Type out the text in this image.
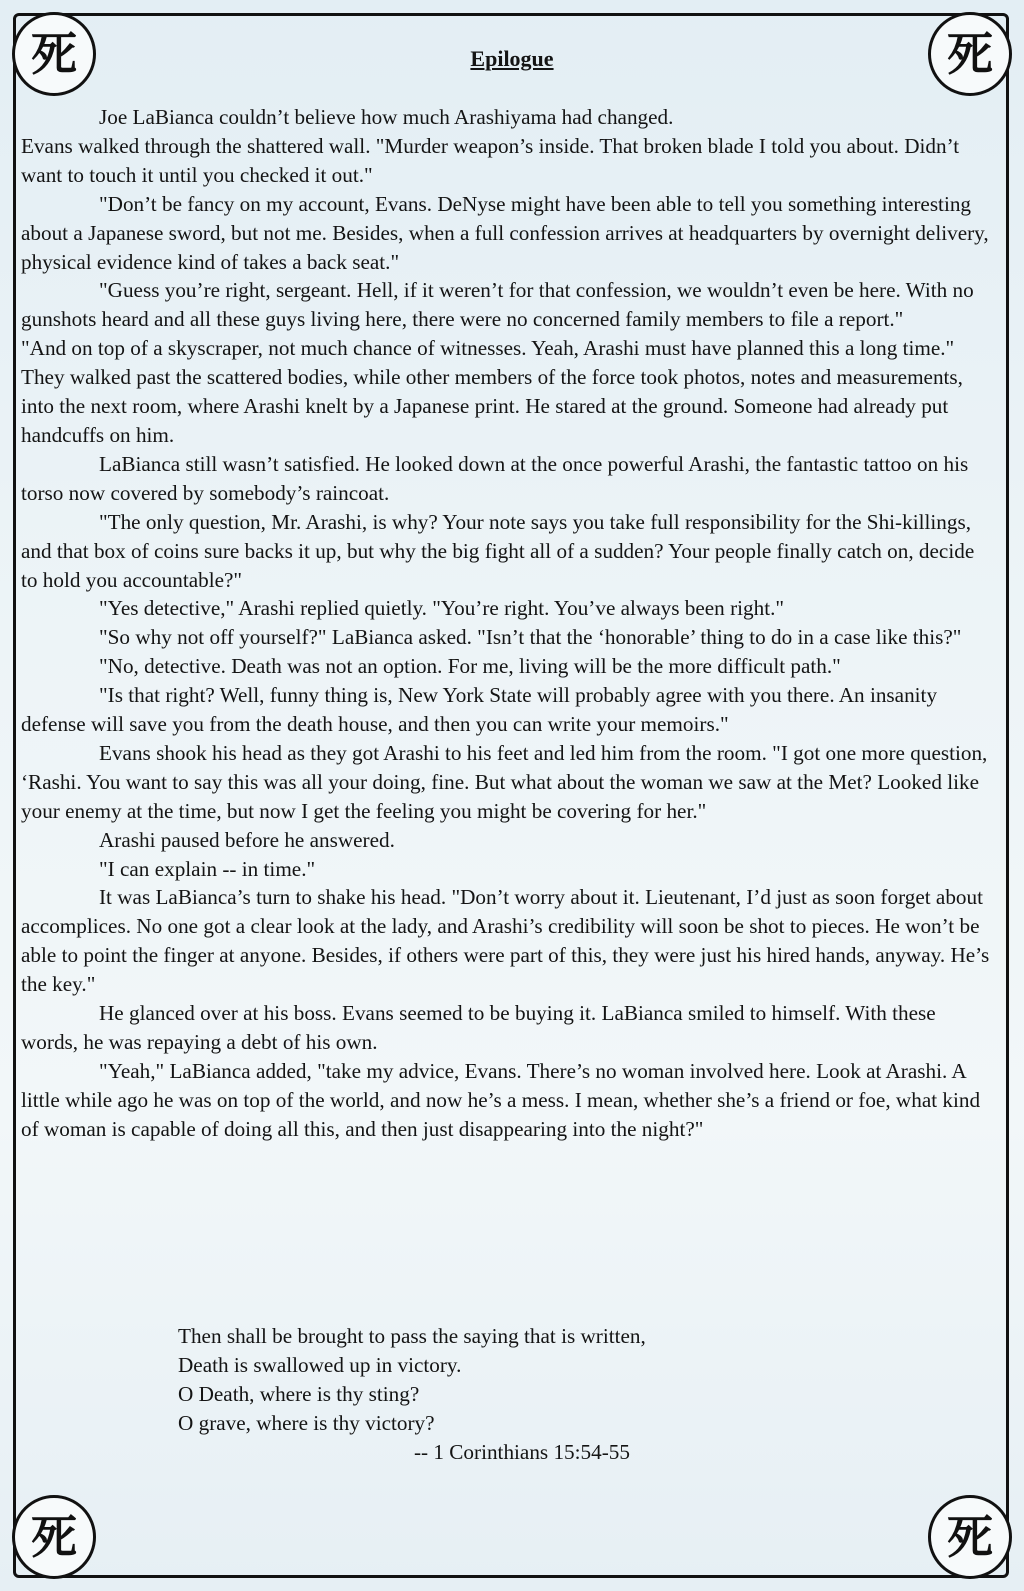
死	死
死	死
Epilogue

Joe LaBianca couldn’t believe how much Arashiyama had changed.

Evans walked through the shattered wall. "Murder weapon’s inside. That broken blade I told you about. Didn’t want to touch it until you checked it out."

"Don’t be fancy on my account, Evans. DeNyse might have been able to tell you something interesting about a Japanese sword, but not me. Besides, when a full confession arrives at headquarters by overnight delivery, physical evidence kind of takes a back seat."

"Guess you’re right, sergeant. Hell, if it weren’t for that confession, we wouldn’t even be here. With no gunshots heard and all these guys living here, there were no concerned family members to file a report."

"And on top of a skyscraper, not much chance of witnesses. Yeah, Arashi must have planned this a long time."

They walked past the scattered bodies, while other members of the force took photos, notes and measurements, into the next room, where Arashi knelt by a Japanese print. He stared at the ground. Someone had already put handcuffs on him.

LaBianca still wasn’t satisfied. He looked down at the once powerful Arashi, the fantastic tattoo on his torso now covered by somebody’s raincoat.

"The only question, Mr. Arashi, is why? Your note says you take full responsibility for the Shi-killings, and that box of coins sure backs it up, but why the big fight all of a sudden? Your people finally catch on, decide to hold you accountable?"

"Yes detective," Arashi replied quietly. "You’re right. You’ve always been right."

"So why not off yourself?" LaBianca asked. "Isn’t that the ‘honorable’ thing to do in a case like this?"

"No, detective. Death was not an option. For me, living will be the more difficult path."

"Is that right? Well, funny thing is, New York State will probably agree with you there. An insanity defense will save you from the death house, and then you can write your memoirs."

Evans shook his head as they got Arashi to his feet and led him from the room. "I got one more question, ‘Rashi. You want to say this was all your doing, fine. But what about the woman we saw at the Met? Looked like your enemy at the time, but now I get the feeling you might be covering for her."

Arashi paused before he answered.

"I can explain -- in time."

It was LaBianca’s turn to shake his head. "Don’t worry about it. Lieutenant, I’d just as soon forget about accomplices. No one got a clear look at the lady, and Arashi’s credibility will soon be shot to pieces. He won’t be able to point the finger at anyone. Besides, if others were part of this, they were just his hired hands, anyway. He’s the key."

He glanced over at his boss. Evans seemed to be buying it. LaBianca smiled to himself. With these words, he was repaying a debt of his own.

"Yeah," LaBianca added, "take my advice, Evans. There’s no woman involved here. Look at Arashi. A little while ago he was on top of the world, and now he’s a mess. I mean, whether she’s a friend or foe, what kind of woman is capable of doing all this, and then just disappearing into the night?"

Then shall be brought to pass the saying that is written,
Death is swallowed up in victory.
O Death, where is thy sting?
O grave, where is thy victory?
-- 1 Corinthians 15:54-55
